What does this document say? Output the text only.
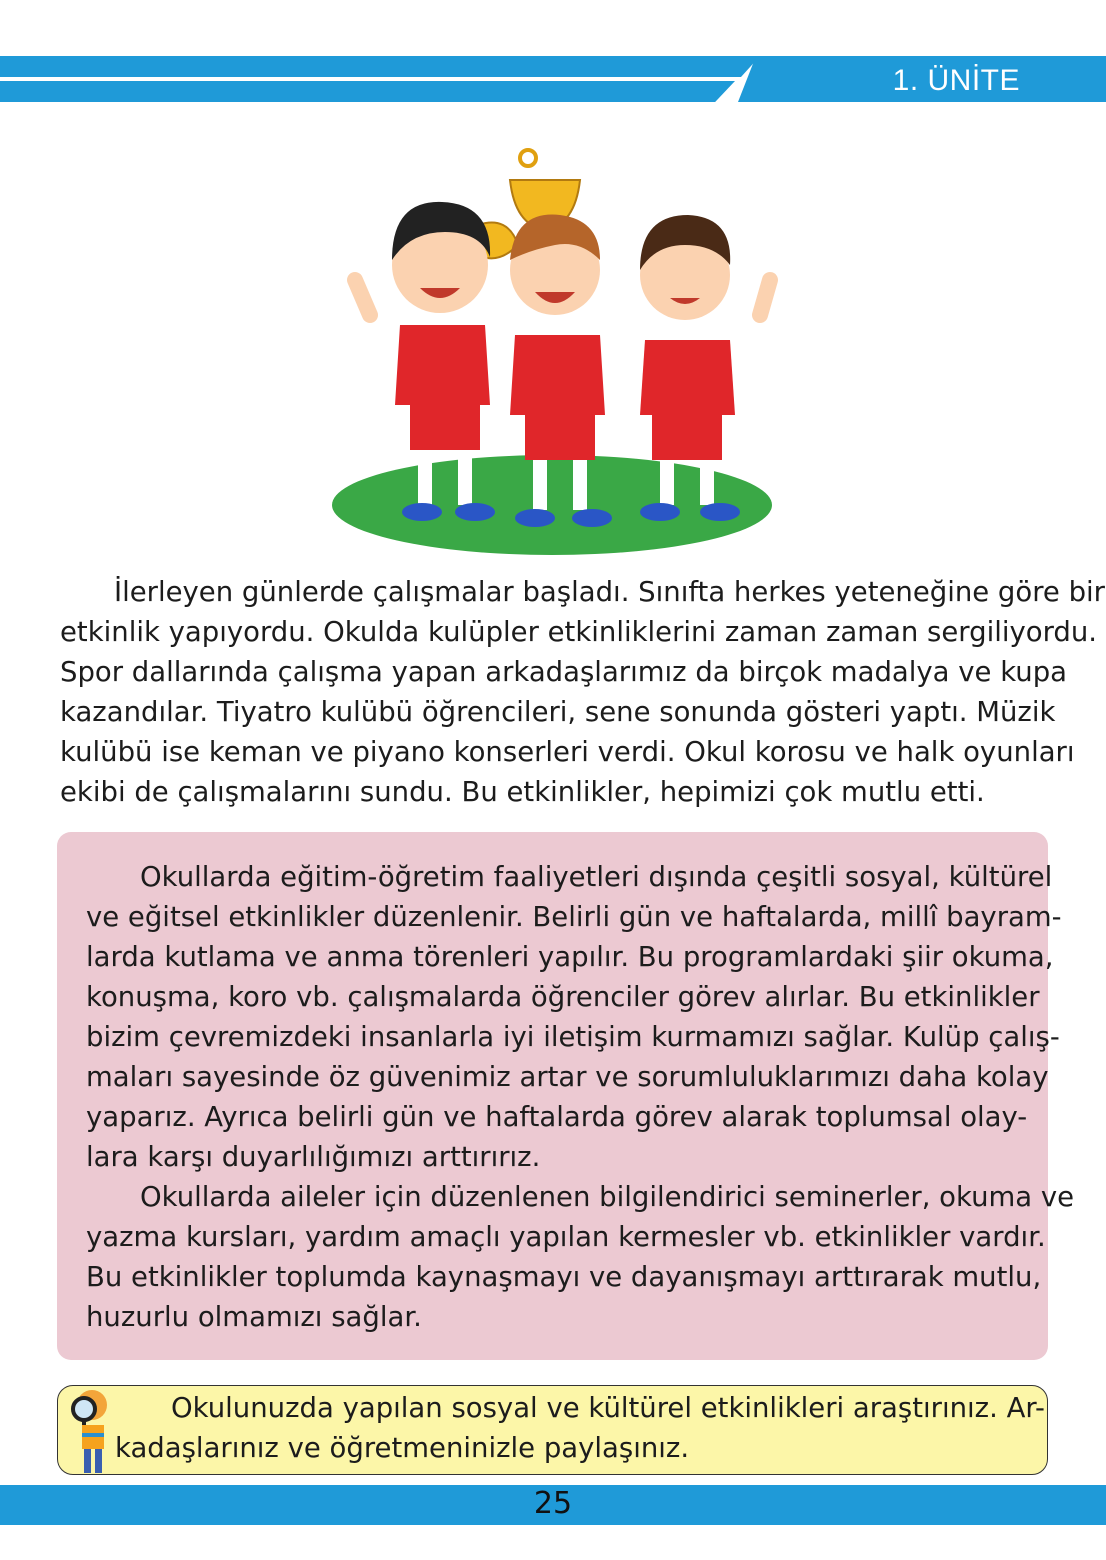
1. ÜNİTE
İlerleyen günlerde çalışmalar başladı. Sınıfta herkes yeteneğine göre bir
etkinlik yapıyordu. Okulda kulüpler etkinliklerini zaman zaman sergiliyordu.
Spor dallarında çalışma yapan arkadaşlarımız da birçok madalya ve kupa
kazandılar. Tiyatro kulübü öğrencileri, sene sonunda gösteri yaptı. Müzik
kulübü ise keman ve piyano konserleri verdi. Okul korosu ve halk oyunları
ekibi de çalışmalarını sundu. Bu etkinlikler, hepimizi çok mutlu etti.
Okullarda eğitim-öğretim faaliyetleri dışında çeşitli sosyal, kültürel
ve eğitsel etkinlikler düzenlenir. Belirli gün ve haftalarda, millî bayram-
larda kutlama ve anma törenleri yapılır. Bu programlardaki şiir okuma,
konuşma, koro vb. çalışmalarda öğrenciler görev alırlar. Bu etkinlikler
bizim çevremizdeki insanlarla iyi iletişim kurmamızı sağlar. Kulüp çalış-
maları sayesinde öz güvenimiz artar ve sorumluluklarımızı daha kolay
yaparız. Ayrıca belirli gün ve haftalarda görev alarak toplumsal olay-
lara karşı duyarlılığımızı arttırırız.
Okullarda aileler için düzenlenen bilgilendirici seminerler, okuma ve
yazma kursları, yardım amaçlı yapılan kermesler vb. etkinlikler vardır.
Bu etkinlikler toplumda kaynaşmayı ve dayanışmayı arttırarak mutlu,
huzurlu olmamızı sağlar.
Okulunuzda yapılan sosyal ve kültürel etkinlikleri araştırınız. Ar-
kadaşlarınız ve öğretmeninizle paylaşınız.
25
